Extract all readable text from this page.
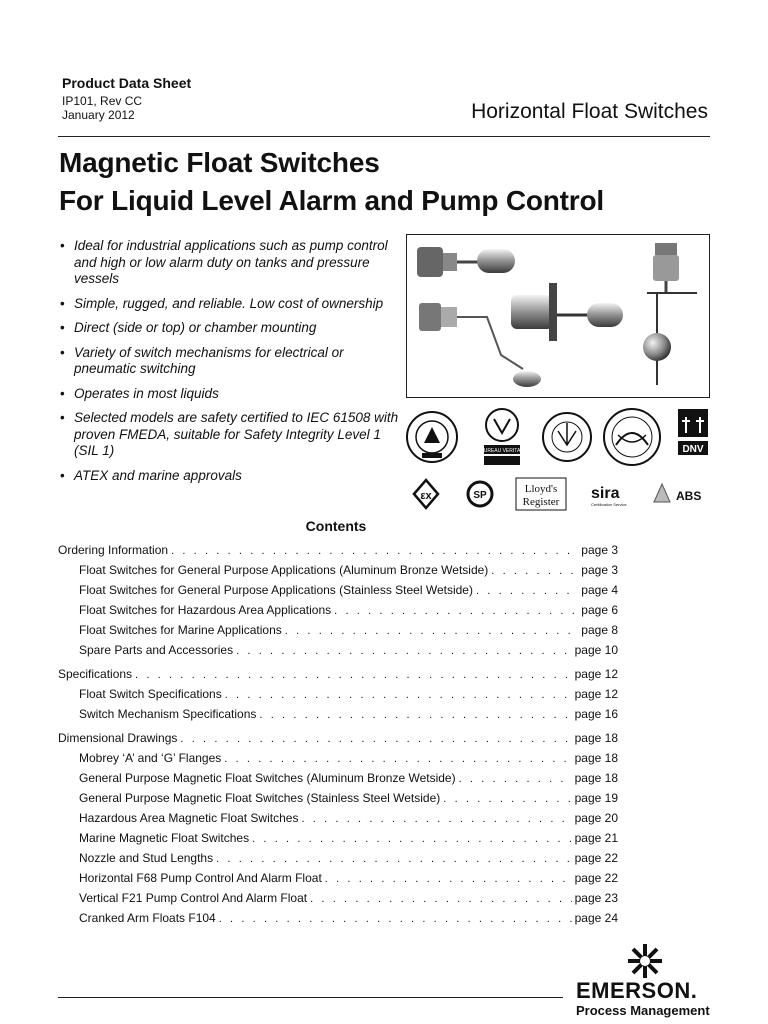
Product Data Sheet
IP101, Rev CC
January 2012	Horizontal Float Switches
Magnetic Float Switches
For Liquid Level Alarm and Pump Control
• Ideal for industrial applications such as pump control and high or low alarm duty on tanks and pressure vessels
• Simple, rugged, and reliable. Low cost of ownership
• Direct (side or top) or chamber mounting
• Variety of switch mechanisms for electrical or pneumatic switching
• Operates in most liquids
• Selected models are safety certified to IEC 61508 with proven FMEDA, suitable for Safety Integrity Level 1 (SIL 1)
• ATEX and marine approvals
BUREAU VERITAS	DNV
εx	SP
Lloyd's
Register sira
Certification Service
ABS
Contents
Ordering Information . . .	page 3
Float Switches for General Purpose Applications (Aluminum Bronze Wetside) . . .	page 3
Float Switches for General Purpose Applications (Stainless Steel Wetside) . . .	page 4
Float Switches for Hazardous Area Applications . . .	page 6
Float Switches for Marine Applications . . .	page 8
Spare Parts and Accessories . . .	page 10
Specifications . . .	page 12
Float Switch Specifications . . .	page 12
Switch Mechanism Specifications . . .	page 16
Dimensional Drawings . . .	page 18
Mobrey ‘A’ and ‘G’ Flanges . . .	page 18
General Purpose Magnetic Float Switches (Aluminum Bronze Wetside) . . .	page 18
General Purpose Magnetic Float Switches (Stainless Steel Wetside) . . .	page 19
Hazardous Area Magnetic Float Switches . . .	page 20
Marine Magnetic Float Switches . . .	page 21
Nozzle and Stud Lengths . . .	page 22
Horizontal F68 Pump Control And Alarm Float . . .	page 22
Vertical F21 Pump Control And Alarm Float . . .	page 23
Cranked Arm Floats F104 . . .	page 24
EMERSON.
Process Management
